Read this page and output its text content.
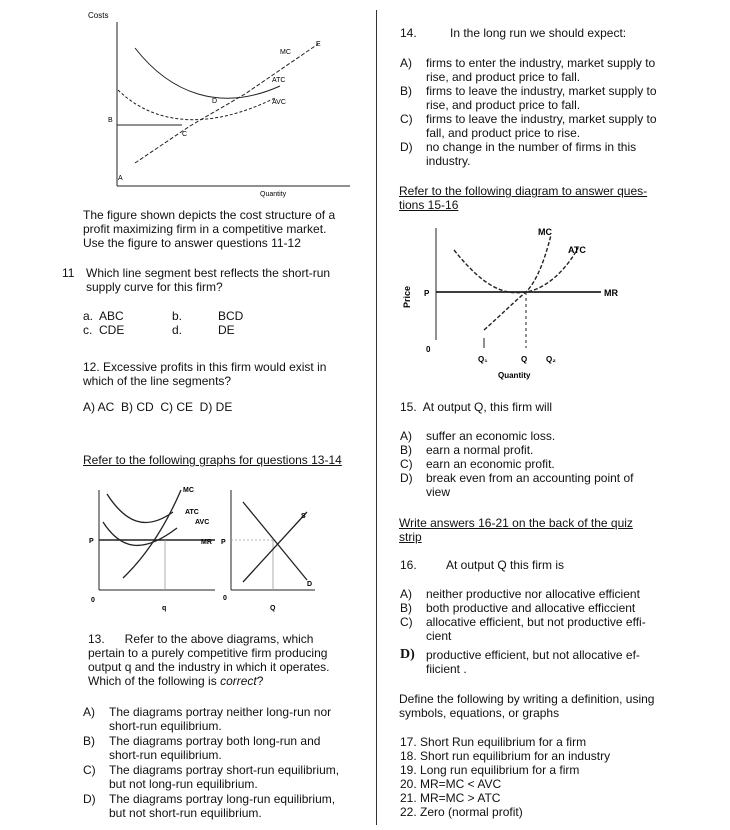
Costs
Quantity
MC
ATC
AVC
A
B
C
D
E
The figure shown depicts the cost structure of a
profit maximizing firm in a competitive market.
Use the figure to answer questions 11-12
11 Which line segment best reflects the short-run
supply curve for this firm?
a. ABC	b.	BCD
c. CDE	d.	DE
12. Excessive profits in this firm would exist in
which of the line segments?
A) AC  B) CD  C) CE  D) DE
Refer to the following graphs for questions 13-14
MC
ATC
AVC
MR
P
0
q
S
D
P
0
Q
13.      Refer to the above diagrams, which
pertain to a purely competitive firm producing
output q and the industry in which it operates.
Which of the following is correct?
A) The diagrams portray neither long-run nor
short-run equilibrium.
B) The diagrams portray both long-run and
short-run equilibrium.
C) The diagrams portray short-run equilibrium,
but not long-run equilibrium.
D) The diagrams portray long-run equilibrium,
but not short-run equilibrium.
14.	In the long run we should expect:
A) firms to enter the industry, market supply to
rise, and product price to fall.
B) firms to leave the industry, market supply to
rise, and product price to fall.
C) firms to leave the industry, market supply to
fall, and product price to rise.
D) no change in the number of firms in this
industry.
Refer to the following diagram to answer ques-
tions 15-16
MC
ATC
MR
Price P
0
Q₁	Q Q₂
Quantity
15.  At output Q, this firm will
A) suffer an economic loss.
B) earn a normal profit.
C) earn an economic profit.
D) break even from an accounting point of
view
Write answers 16-21 on the back of the quiz
strip
16. At output Q this firm is
A) neither productive nor allocative efficient
B) both productive and allocative efficcient
C) allocative efficient, but not productive effi-
cient
D) productive efficient, but not allocative ef-
fiicient .
Define the following by writing a definition, using
symbols, equations, or graphs
17. Short Run equilibrium for a firm
18. Short run equilibrium for an industry
19. Long run equilibrium for a firm
20. MR=MC < AVC
21. MR=MC > ATC
22. Zero (normal profit)
